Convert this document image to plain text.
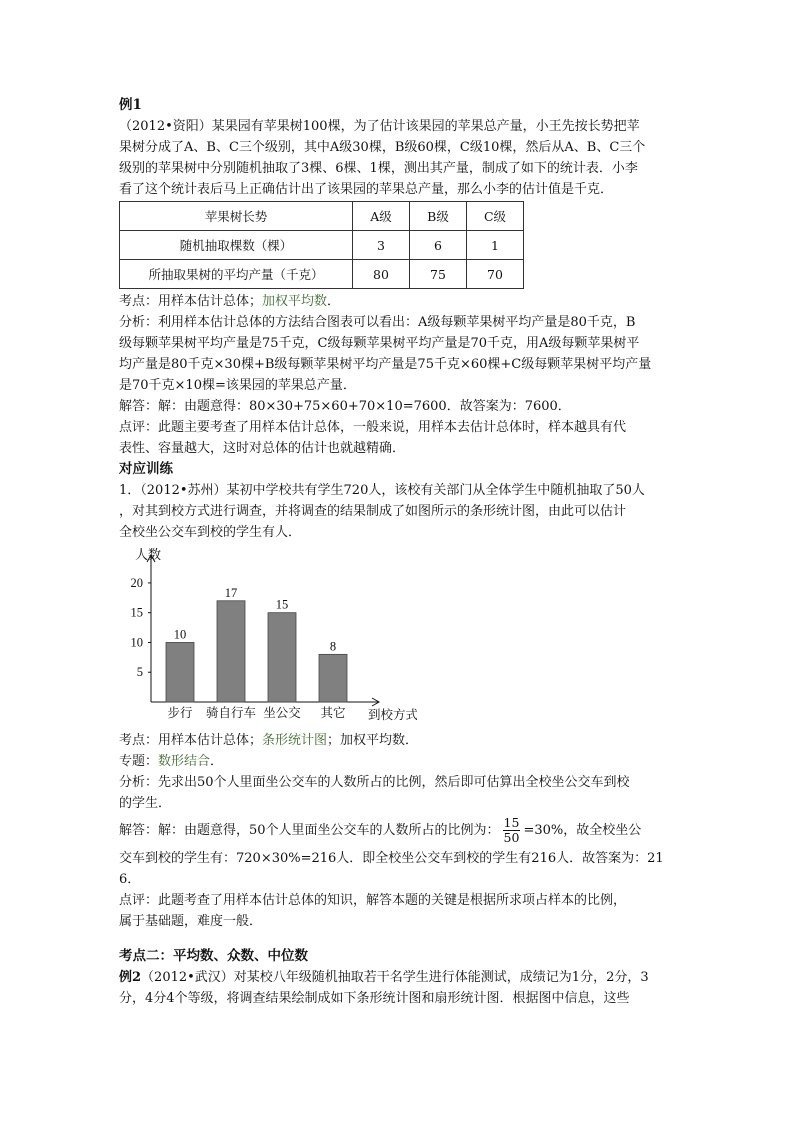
例1

（2012•资阳）某果园有苹果树100棵，为了估计该果园的苹果总产量，小王先按长势把苹

果树分成了A、B、C三个级别，其中A级30棵，B级60棵，C级10棵，然后从A、B、C三个

级别的苹果树中分别随机抽取了3棵、6棵、1棵，测出其产量，制成了如下的统计表．小李

看了这个统计表后马上正确估计出了该果园的苹果总产量，那么小李的估计值是千克．

苹果树长势	A级	B级	C级
随机抽取棵数（棵）	3	6	1
所抽取果树的平均产量（千克）	80	75	70

考点：用样本估计总体；加权平均数．

分析：利用样本估计总体的方法结合图表可以看出：A级每颗苹果树平均产量是80千克，B

级每颗苹果树平均产量是75千克，C级每颗苹果树平均产量是70千克，用A级每颗苹果树平

均产量是80千克×30棵+B级每颗苹果树平均产量是75千克×60棵+C级每颗苹果树平均产量

是70千克×10棵=该果园的苹果总产量．

解答：解：由题意得：80×30+75×60+70×10=7600．故答案为：7600．

点评：此题主要考查了用样本估计总体，一般来说，用样本去估计总体时，样本越具有代

表性、容量越大，这时对总体的估计也就越精确．

对应训练

1．（2012•苏州）某初中学校共有学生720人，该校有关部门从全体学生中随机抽取了50人

，对其到校方式进行调查，并将调查的结果制成了如图所示的条形统计图，由此可以估计

全校坐公交车到校的学生有人．

人数
5
10
15
20
10
步行
17
骑自行车
15
坐公交
8
其它 到校方式

考点：用样本估计总体；条形统计图；加权平均数．

专题：数形结合．

分析：先求出50个人里面坐公交车的人数所占的比例，然后即可估算出全校坐公交车到校

的学生．

解答：解：由题意得，50个人里面坐公交车的人数所占的比例为： $\frac{15}{50} =30\%$，故全校坐公

交车到校的学生有：720×30%=216人．即全校坐公交车到校的学生有216人．故答案为：21

6．

点评：此题考查了用样本估计总体的知识，解答本题的关键是根据所求项占样本的比例，

属于基础题，难度一般．

考点二：平均数、众数、中位数

例2（2012•武汉）对某校八年级随机抽取若干名学生进行体能测试，成绩记为1分，2分，3

分，4分4个等级，将调查结果绘制成如下条形统计图和扇形统计图．根据图中信息，这些
